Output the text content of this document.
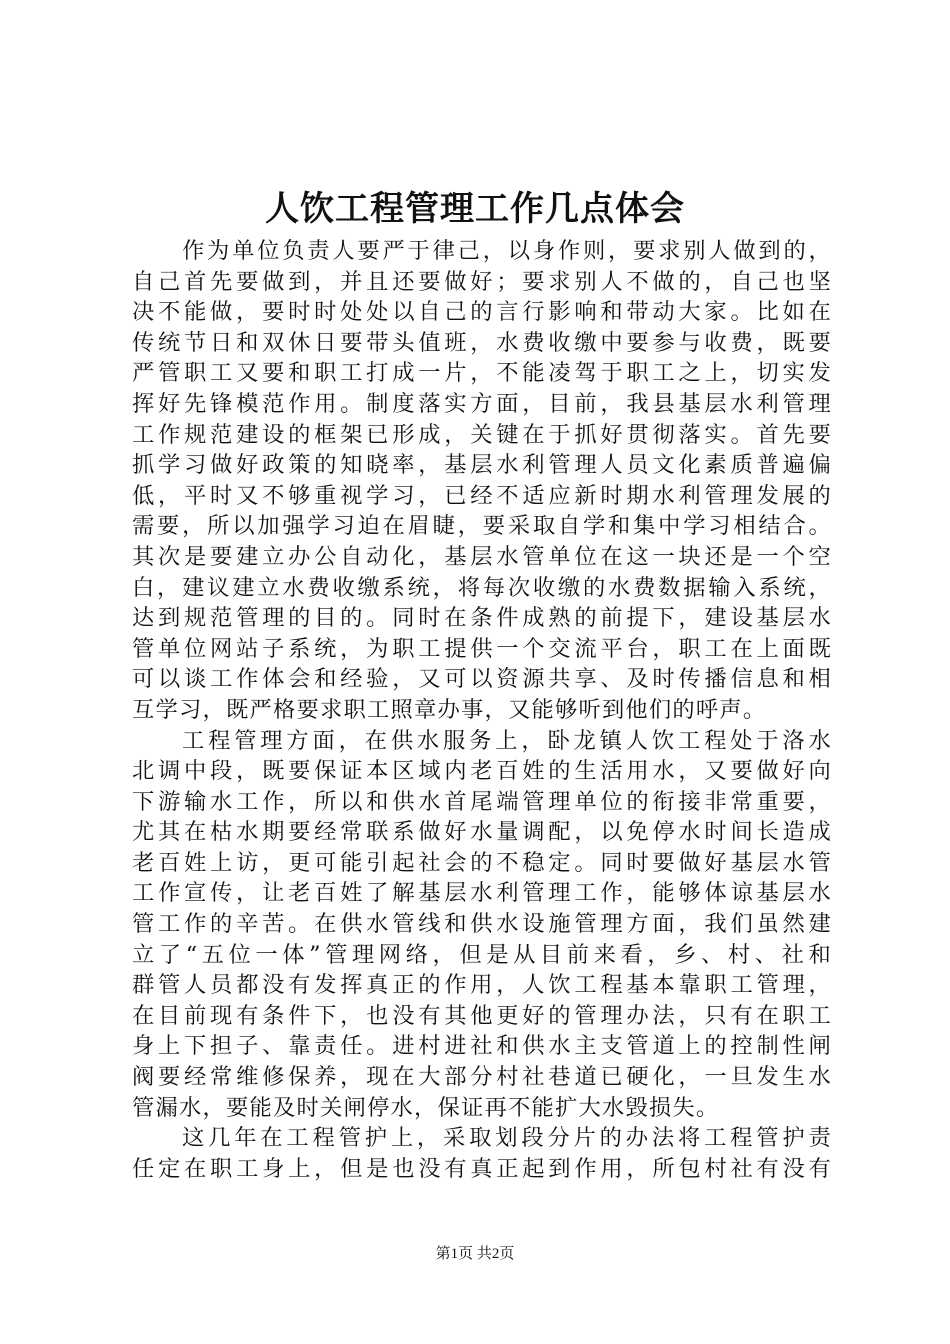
人饮工程管理工作几点体会
作为单位负责人要严于律己，以身作则，要求别人做到的，
自己首先要做到，并且还要做好；要求别人不做的，自己也坚
决不能做，要时时处处以自己的言行影响和带动大家。比如在
传统节日和双休日要带头值班，水费收缴中要参与收费，既要
严管职工又要和职工打成一片，不能凌驾于职工之上，切实发
挥好先锋模范作用。制度落实方面，目前，我县基层水利管理
工作规范建设的框架已形成，关键在于抓好贯彻落实。首先要
抓学习做好政策的知晓率，基层水利管理人员文化素质普遍偏
低，平时又不够重视学习，已经不适应新时期水利管理发展的
需要，所以加强学习迫在眉睫，要采取自学和集中学习相结合。
其次是要建立办公自动化，基层水管单位在这一块还是一个空
白，建议建立水费收缴系统，将每次收缴的水费数据输入系统，
达到规范管理的目的。同时在条件成熟的前提下，建设基层水
管单位网站子系统，为职工提供一个交流平台，职工在上面既
可以谈工作体会和经验，又可以资源共享、及时传播信息和相
互学习，既严格要求职工照章办事，又能够听到他们的呼声。
工程管理方面，在供水服务上，卧龙镇人饮工程处于洛水
北调中段，既要保证本区域内老百姓的生活用水，又要做好向
下游输水工作，所以和供水首尾端管理单位的衔接非常重要，
尤其在枯水期要经常联系做好水量调配，以免停水时间长造成
老百姓上访，更可能引起社会的不稳定。同时要做好基层水管
工作宣传，让老百姓了解基层水利管理工作，能够体谅基层水
管工作的辛苦。在供水管线和供水设施管理方面，我们虽然建
立了“五位一体”管理网络，但是从目前来看，乡、村、社和
群管人员都没有发挥真正的作用，人饮工程基本靠职工管理，
在目前现有条件下，也没有其他更好的管理办法，只有在职工
身上下担子、靠责任。进村进社和供水主支管道上的控制性闸
阀要经常维修保养，现在大部分村社巷道已硬化，一旦发生水
管漏水，要能及时关闸停水，保证再不能扩大水毁损失。
这几年在工程管护上，采取划段分片的办法将工程管护责
任定在职工身上，但是也没有真正起到作用，所包村社有没有
第1页 共2页
